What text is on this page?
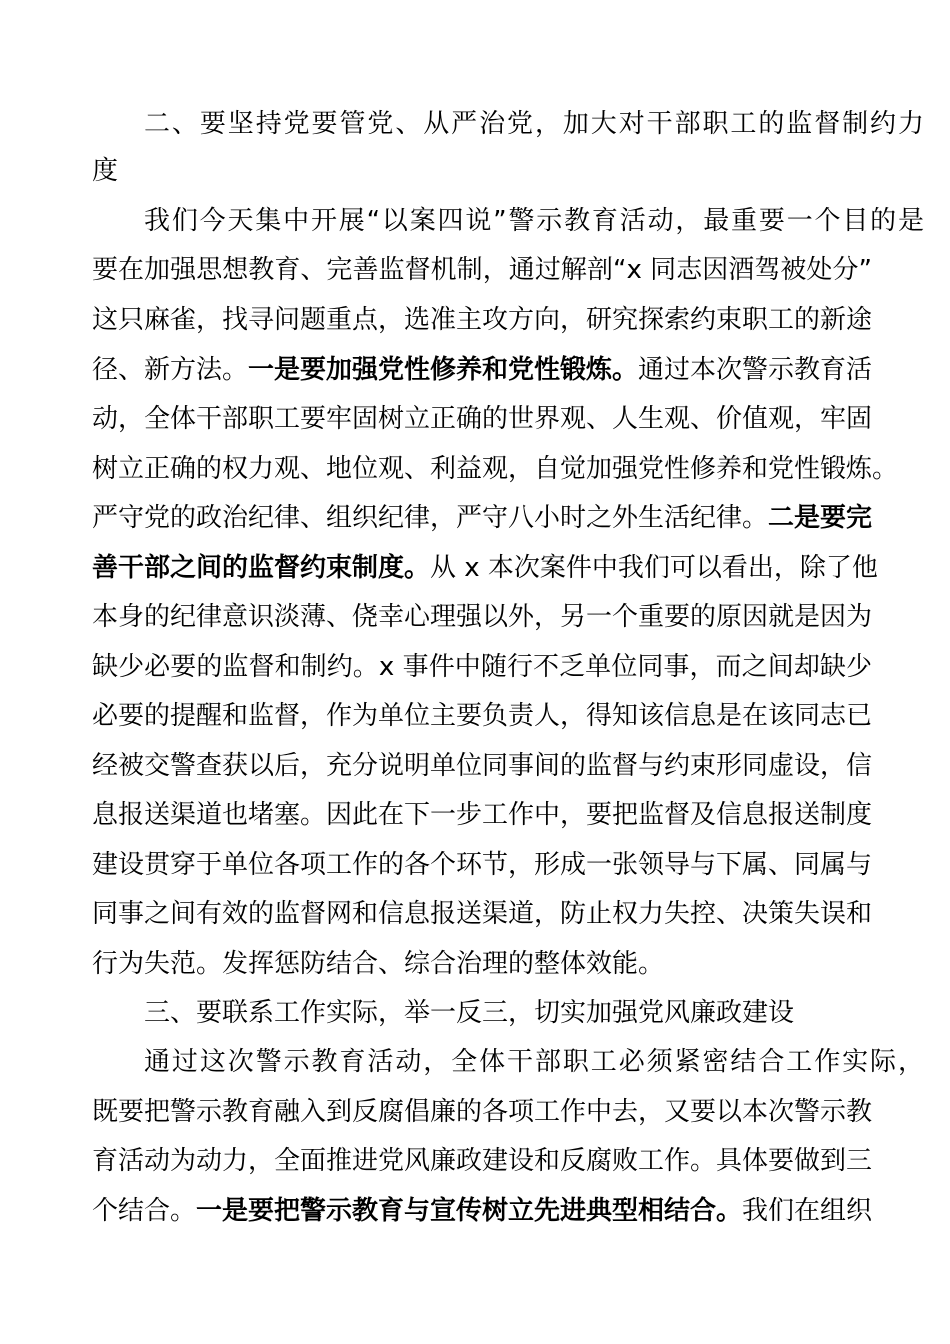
二、要坚持党要管党、从严治党，加大对干部职工的监督制约力
度
我们今天集中开展“以案四说”警示教育活动，最重要一个目的是
要在加强思想教育、完善监督机制，通过解剖“x 同志因酒驾被处分”
这只麻雀，找寻问题重点，选准主攻方向，研究探索约束职工的新途
径、新方法。一是要加强党性修养和党性锻炼。通过本次警示教育活
动，全体干部职工要牢固树立正确的世界观、人生观、价值观，牢固
树立正确的权力观、地位观、利益观，自觉加强党性修养和党性锻炼。
严守党的政治纪律、组织纪律，严守八小时之外生活纪律。二是要完
善干部之间的监督约束制度。从 x 本次案件中我们可以看出，除了他
本身的纪律意识淡薄、侥幸心理强以外，另一个重要的原因就是因为
缺少必要的监督和制约。x 事件中随行不乏单位同事，而之间却缺少
必要的提醒和监督，作为单位主要负责人，得知该信息是在该同志已
经被交警查获以后，充分说明单位同事间的监督与约束形同虚设，信
息报送渠道也堵塞。因此在下一步工作中，要把监督及信息报送制度
建设贯穿于单位各项工作的各个环节，形成一张领导与下属、同属与
同事之间有效的监督网和信息报送渠道，防止权力失控、决策失误和
行为失范。发挥惩防结合、综合治理的整体效能。
三、要联系工作实际，举一反三，切实加强党风廉政建设
通过这次警示教育活动，全体干部职工必须紧密结合工作实际，
既要把警示教育融入到反腐倡廉的各项工作中去，又要以本次警示教
育活动为动力，全面推进党风廉政建设和反腐败工作。具体要做到三
个结合。一是要把警示教育与宣传树立先进典型相结合。我们在组织
